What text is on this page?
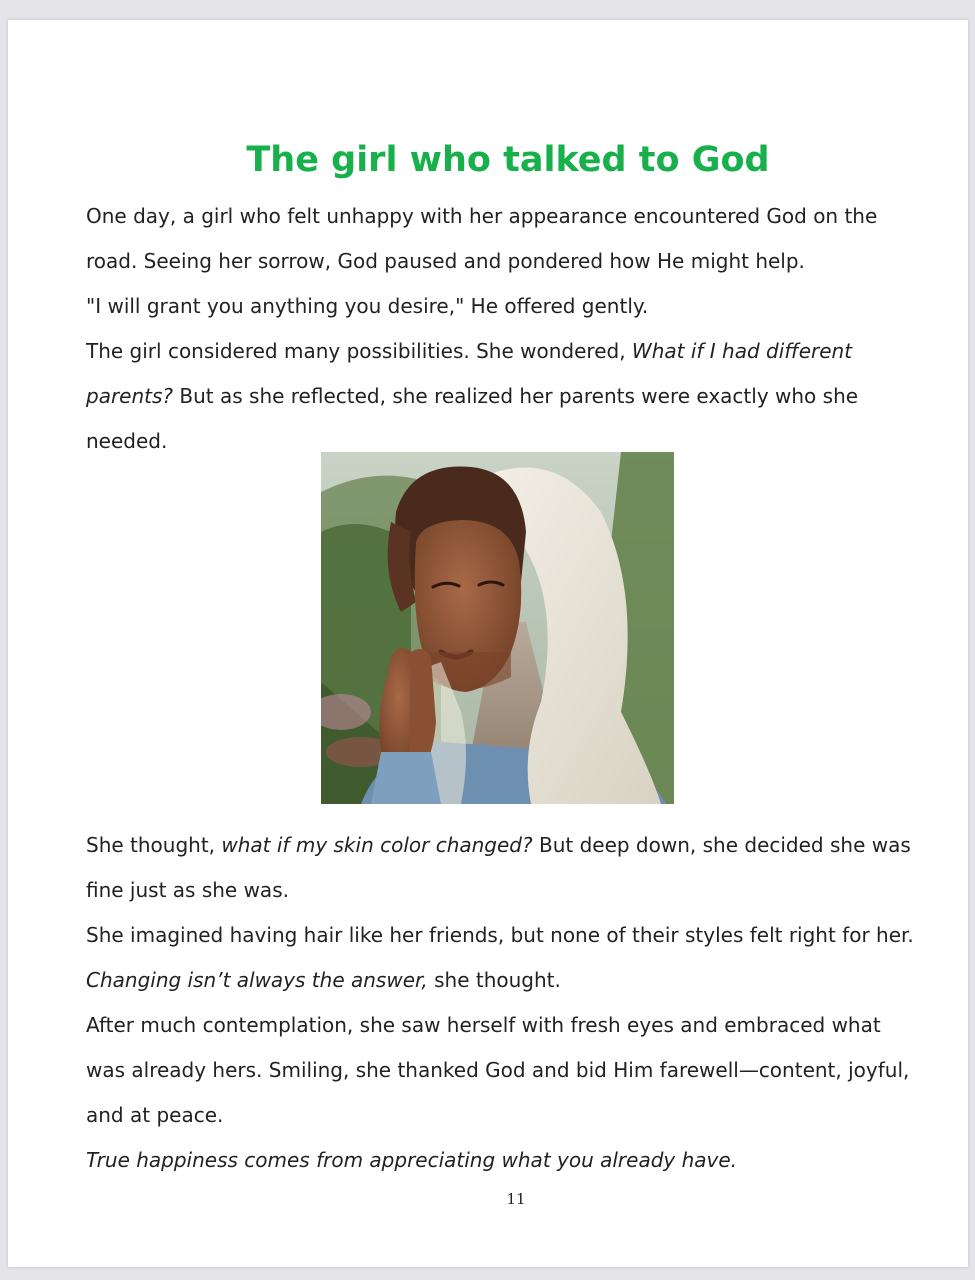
The girl who talked to God

One day, a girl who felt unhappy with her appearance encountered God on the road. Seeing her sorrow, God paused and pondered how He might help.

"I will grant you anything you desire," He offered gently.

The girl considered many possibilities. She wondered, What if I had different parents? But as she reflected, she realized her parents were exactly who she needed.

She thought, what if my skin color changed? But deep down, she decided she was fine just as she was.

She imagined having hair like her friends, but none of their styles felt right for her.

Changing isn’t always the answer, she thought.

After much contemplation, she saw herself with fresh eyes and embraced what was already hers. Smiling, she thanked God and bid Him farewell—content, joyful, and at peace.

True happiness comes from appreciating what you already have.

11
